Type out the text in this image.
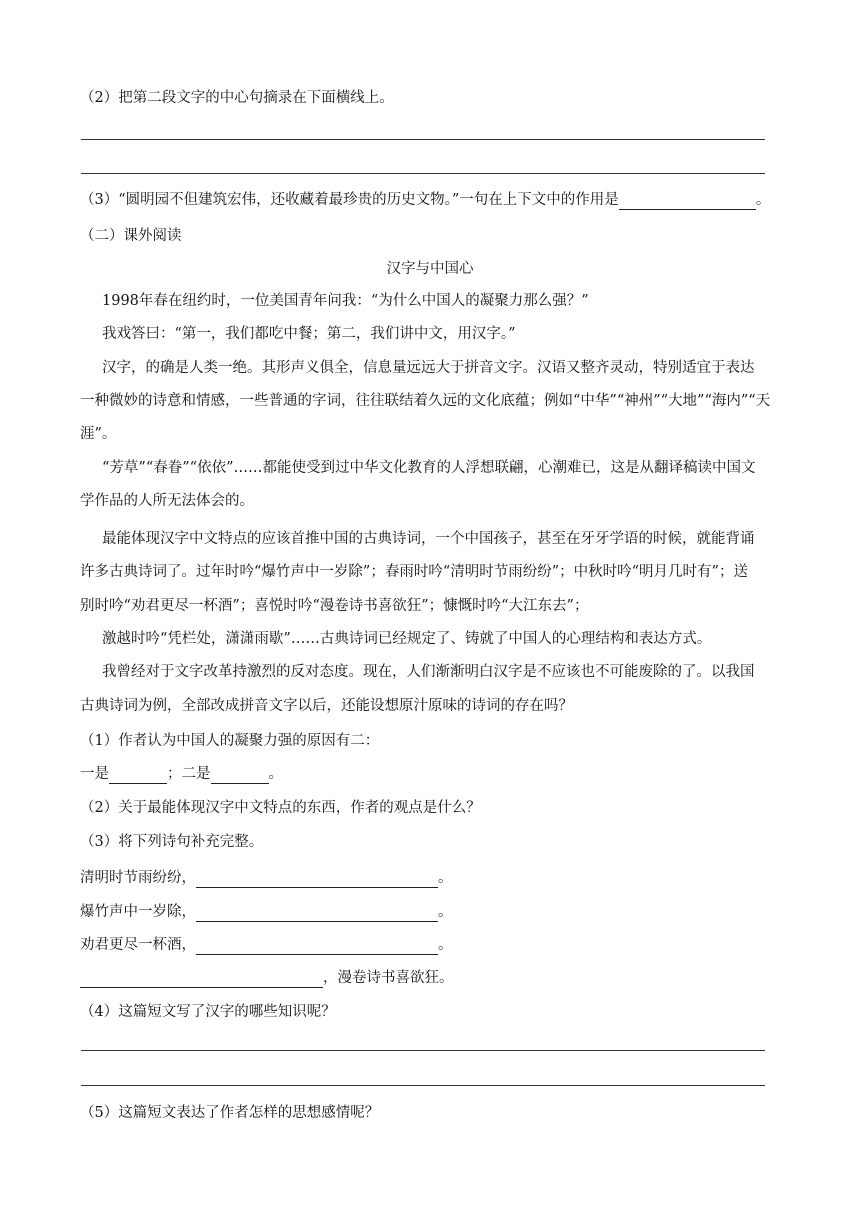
（2）把第二段文字的中心句摘录在下面横线上。
（3）“圆明园不但建筑宏伟，还收藏着最珍贵的历史文物。”一句在上下文中的作用是	。
（二）课外阅读
汉字与中国心
1998年春在纽约时，一位美国青年问我：“为什么中国人的凝聚力那么强？”
我戏答曰：“第一，我们都吃中餐；第二，我们讲中文，用汉字。”
汉字，的确是人类一绝。其形声义俱全，信息量远远大于拼音文字。汉语又整齐灵动，特别适宜于表达
一种微妙的诗意和情感，一些普通的字词，往往联结着久远的文化底蕴；例如“中华”“神州”“大地”“海内”“天
涯”。
“芳草”“春眷”“依依”……都能使受到过中华文化教育的人浮想联翩，心潮难已，这是从翻译稿读中国文
学作品的人所无法体会的。
最能体现汉字中文特点的应该首推中国的古典诗词，一个中国孩子，甚至在牙牙学语的时候，就能背诵
许多古典诗词了。过年时吟“爆竹声中一岁除”；春雨时吟“清明时节雨纷纷”；中秋时吟“明月几时有”；送
别时吟“劝君更尽一杯酒”；喜悦时吟“漫卷诗书喜欲狂”；慷慨时吟“大江东去”；
激越时吟“凭栏处，潇潇雨歇”……古典诗词已经规定了、铸就了中国人的心理结构和表达方式。
我曾经对于文字改革持激烈的反对态度。现在，人们渐渐明白汉字是不应该也不可能废除的了。以我国
古典诗词为例，全部改成拼音文字以后，还能设想原汁原味的诗词的存在吗？
（1）作者认为中国人的凝聚力强的原因有二：
一是	；二是	。
（2）关于最能体现汉字中文特点的东西，作者的观点是什么？
（3）将下列诗句补充完整。
清明时节雨纷纷，	。
爆竹声中一岁除，	。
劝君更尽一杯酒，	。
，漫卷诗书喜欲狂。
（4）这篇短文写了汉字的哪些知识呢？
（5）这篇短文表达了作者怎样的思想感情呢？
